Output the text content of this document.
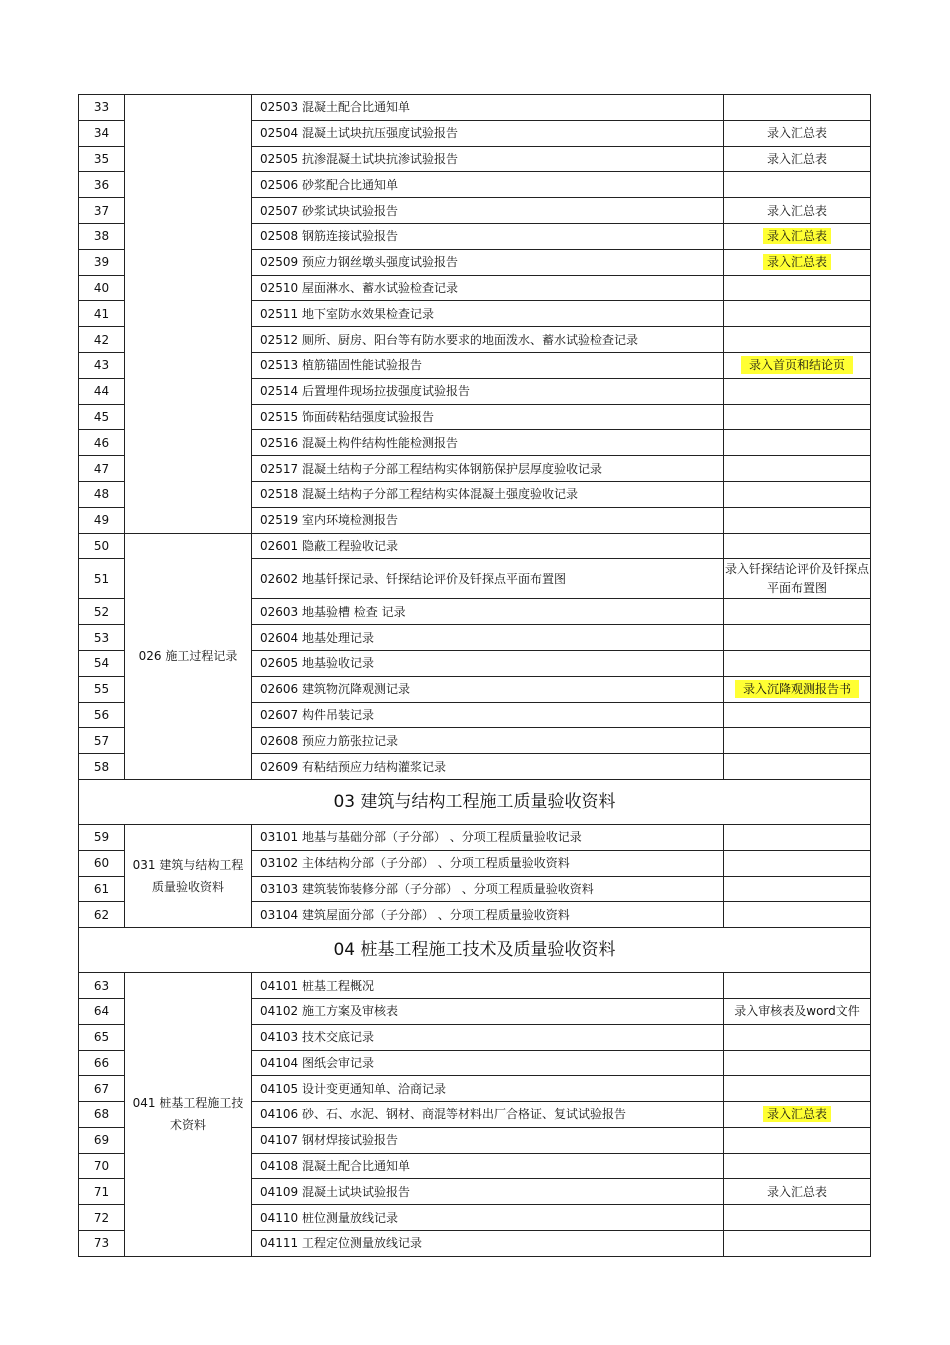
33		02503 混凝土配合比通知单	
34		02504 混凝土试块抗压强度试验报告	录入汇总表
35		02505 抗渗混凝土试块抗渗试验报告	录入汇总表
36		02506 砂浆配合比通知单	
37		02507 砂浆试块试验报告	录入汇总表
38		02508 钢筋连接试验报告	录入汇总表
39		02509 预应力钢丝墩头强度试验报告	录入汇总表
40		02510 屋面淋水、蓄水试验检查记录	
41		02511 地下室防水效果检查记录	
42		02512 厕所、厨房、阳台等有防水要求的地面泼水、蓄水试验检查记录	
43		02513 植筋锚固性能试验报告	录入首页和结论页
44		02514 后置埋件现场拉拔强度试验报告	
45		02515 饰面砖粘结强度试验报告	
46		02516 混凝土构件结构性能检测报告	
47		02517 混凝土结构子分部工程结构实体钢筋保护层厚度验收记录	
48		02518 混凝土结构子分部工程结构实体混凝土强度验收记录	
49		02519 室内环境检测报告	
50	026 施工过程记录	02601 隐蔽工程验收记录	
51		02602 地基钎探记录、钎探结论评价及钎探点平面布置图	录入钎探结论评价及钎探点平面布置图

52		02603 地基验槽 检查 记录	
53		02604 地基处理记录	
54		02605 地基验收记录	
55		02606 建筑物沉降观测记录	录入沉降观测报告书
56		02607 构件吊装记录	
57		02608 预应力筋张拉记录	
58		02609 有粘结预应力结构灌浆记录	
03 建筑与结构工程施工质量验收资料			
59	031 建筑与结构工程质量验收资料	03101 地基与基础分部（子分部） 、分项工程质量验收记录	
60		03102 主体结构分部（子分部） 、分项工程质量验收资料	
61		03103 建筑装饰装修分部（子分部） 、分项工程质量验收资料	
62		03104 建筑屋面分部（子分部） 、分项工程质量验收资料	
04 桩基工程施工技术及质量验收资料			
63	041 桩基工程施工技术资料	04101 桩基工程概况	
64		04102 施工方案及审核表	录入审核表及word文件
65		04103 技术交底记录	
66		04104 图纸会审记录	
67		04105 设计变更通知单、洽商记录	
68		04106 砂、石、水泥、钢材、商混等材料出厂合格证、复试试验报告	录入汇总表
69		04107 钢材焊接试验报告	
70		04108 混凝土配合比通知单	
71		04109 混凝土试块试验报告	录入汇总表
72		04110 桩位测量放线记录	
73		04111 工程定位测量放线记录	
